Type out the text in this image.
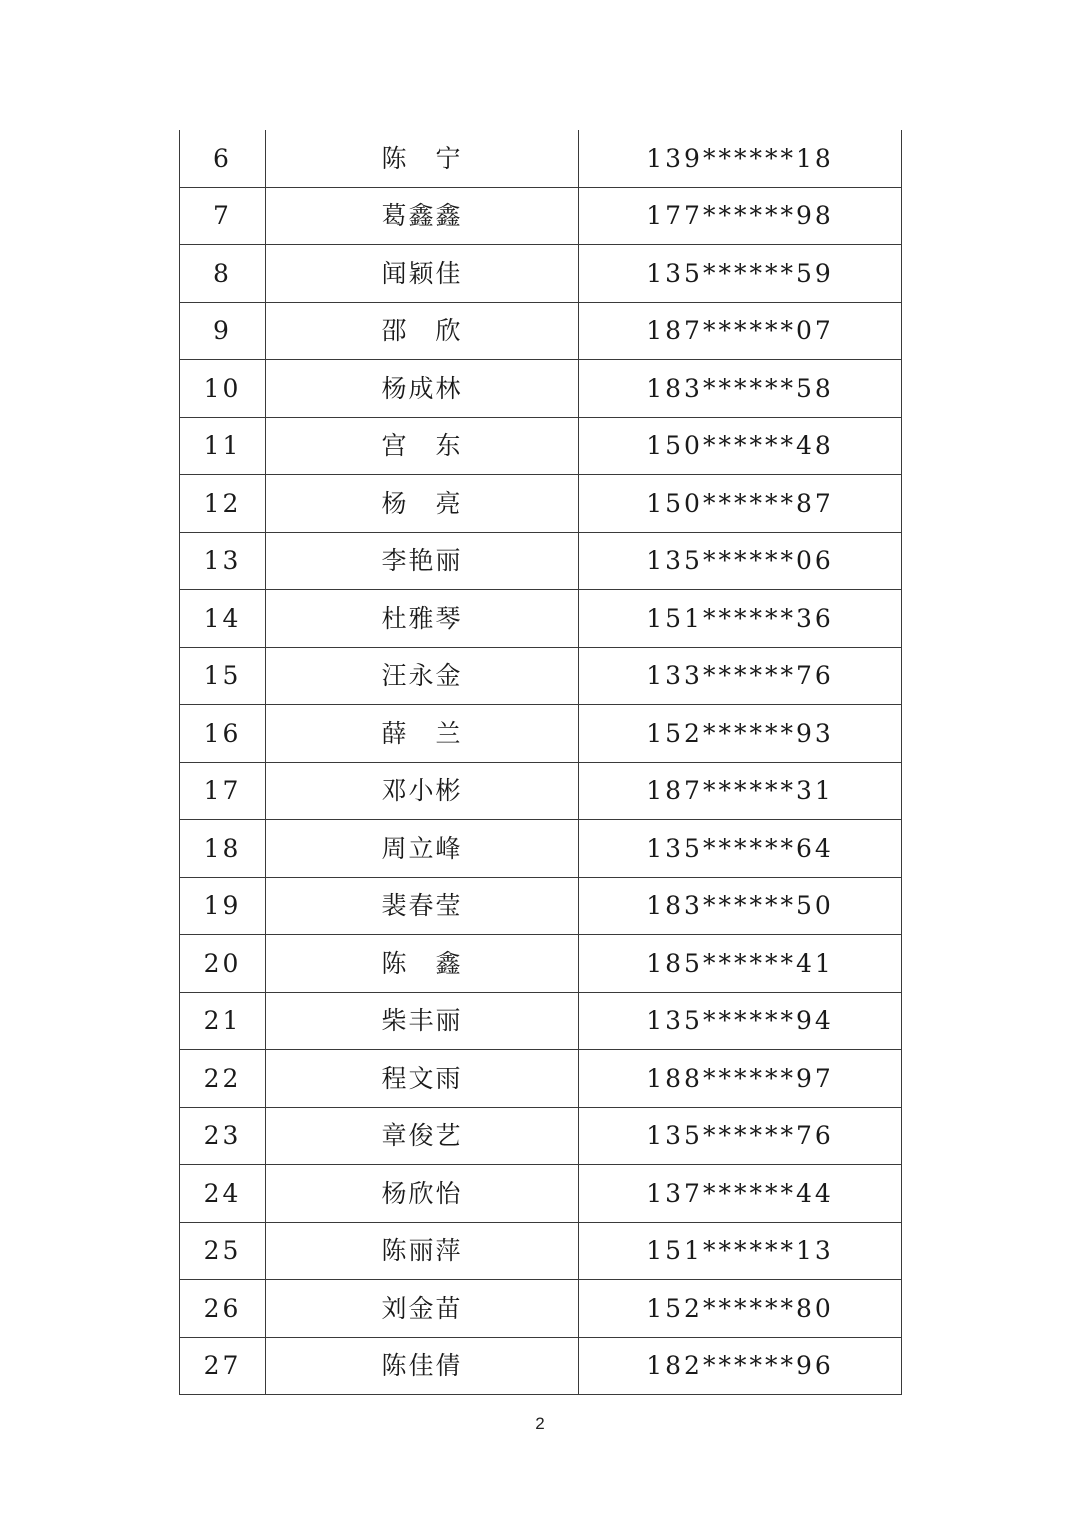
6	陈　宁	139******18
7	葛鑫鑫	177******98
8	闻颖佳	135******59
9	邵　欣	187******07
10	杨成林	183******58
11	宫　东	150******48
12	杨　亮	150******87
13	李艳丽	135******06
14	杜雅琴	151******36
15	汪永金	133******76
16	薛　兰	152******93
17	邓小彬	187******31
18	周立峰	135******64
19	裴春莹	183******50
20	陈　鑫	185******41
21	柴丰丽	135******94
22	程文雨	188******97
23	章俊艺	135******76
24	杨欣怡	137******44
25	陈丽萍	151******13
26	刘金苗	152******80
27	陈佳倩	182******96
2
